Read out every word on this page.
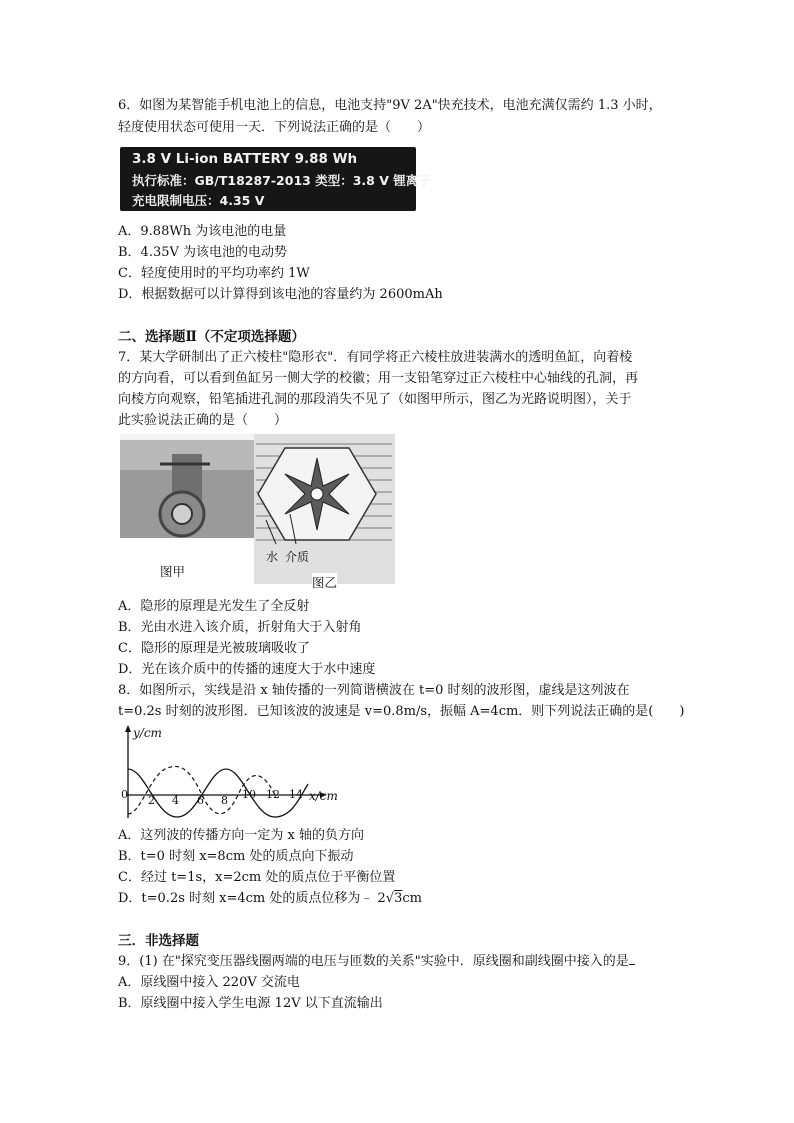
6．如图为某智能手机电池上的信息，电池支持"9V 2A"快充技术，电池充满仅需约 1.3 小时，
轻度使用状态可使用一天．下列说法正确的是（　　）
3.8 V Li-ion BATTERY 9.88 Wh
执行标准：GB/T18287-2013 类型：3.8 V 锂离子
充电限制电压：4.35 V
A．9.88Wh 为该电池的电量
B．4.35V 为该电池的电动势
C．轻度使用时的平均功率约 1W
D．根据数据可以计算得到该电池的容量约为 2600mAh
二、选择题Ⅱ（不定项选择题）
7．某大学研制出了正六棱柱"隐形衣"．有同学将正六棱柱放进装满水的透明鱼缸，向着棱
的方向看，可以看到鱼缸另一侧大学的校徽；用一支铅笔穿过正六棱柱中心轴线的孔洞，再
向棱方向观察，铅笔插进孔洞的那段消失不见了（如图甲所示，图乙为光路说明图），关于
此实验说法正确的是（　　）
图甲
水 介质
图乙
A．隐形的原理是光发生了全反射
B．光由水进入该介质，折射角大于入射角
C．隐形的原理是光被玻璃吸收了
D．光在该介质中的传播的速度大于水中速度
8．如图所示，实线是沿 x 轴传播的一列简谐横波在 t=0 时刻的波形图，虚线是这列波在
t=0.2s 时刻的波形图．已知该波的波速是 v=0.8m/s，振幅 A=4cm．则下列说法正确的是(　　)
y/cm
x/cm
0 2 4 6 8 10 12 14
A．这列波的传播方向一定为 x 轴的负方向
B．t=0 时刻 x=8cm 处的质点向下振动
C．经过 t=1s，x=2cm 处的质点位于平衡位置
D．t=0.2s 时刻 x=4cm 处的质点位移为﹣ 2√3cm
三．非选择题
9．(1) 在"探究变压器线圈两端的电压与匝数的关系"实验中．原线圈和副线圈中接入的是
A．原线圈中接入 220V 交流电
B．原线圈中接入学生电源 12V 以下直流输出
